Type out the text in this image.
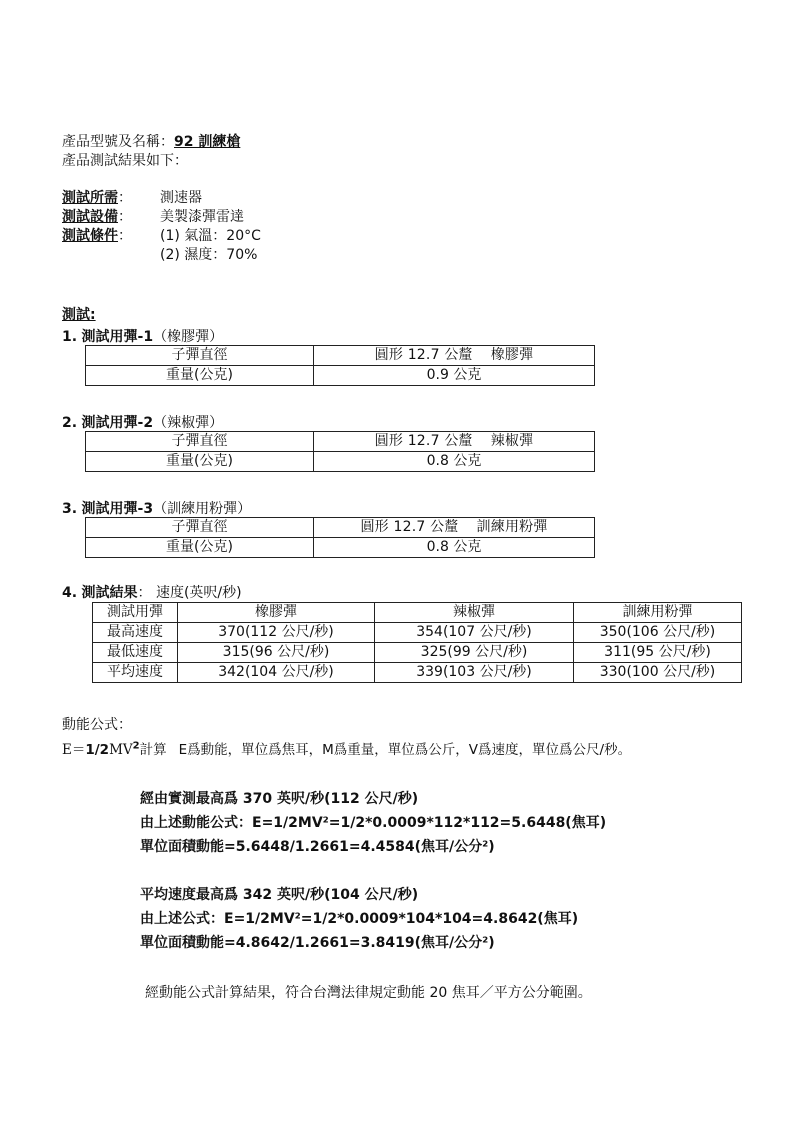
產品型號及名稱：92 訓練槍
產品測試結果如下：
測試所需： 測速器
測試設備： 美製漆彈雷達
測試條件： (1) 氣溫：20°C
(2) 濕度：70%
測試:
1. 測試用彈-1（橡膠彈）
子彈直徑	圓形 12.7 公釐 橡膠彈
重量(公克)	0.9 公克
2. 測試用彈-2（辣椒彈）
子彈直徑	圓形 12.7 公釐 辣椒彈
重量(公克)	0.8 公克
3. 測試用彈-3（訓練用粉彈）
子彈直徑	圓形 12.7 公釐 訓練用粉彈
重量(公克)	0.8 公克
4. 測試結果： 速度(英呎/秒)
測試用彈	橡膠彈	辣椒彈	訓練用粉彈
最高速度	370(112 公尺/秒)	354(107 公尺/秒)	350(106 公尺/秒)
最低速度	315(96 公尺/秒)	325(99 公尺/秒)	311(95 公尺/秒)
平均速度	342(104 公尺/秒)	339(103 公尺/秒)	330(100 公尺/秒)
動能公式：
$E=1/2MV^2$計算 E爲動能，單位爲焦耳，M爲重量，單位爲公斤，V爲速度，單位爲公尺/秒。
經由實測最高爲 370 英呎/秒(112 公尺/秒)
由上述動能公式：E=1/2MV²=1/2*0.0009*112*112=5.6448(焦耳)
單位面積動能=5.6448/1.2661=4.4584(焦耳/公分²)
平均速度最高爲 342 英呎/秒(104 公尺/秒)
由上述公式：E=1/2MV²=1/2*0.0009*104*104=4.8642(焦耳)
單位面積動能=4.8642/1.2661=3.8419(焦耳/公分²)
經動能公式計算結果，符合台灣法律規定動能 20 焦耳／平方公分範圍。
